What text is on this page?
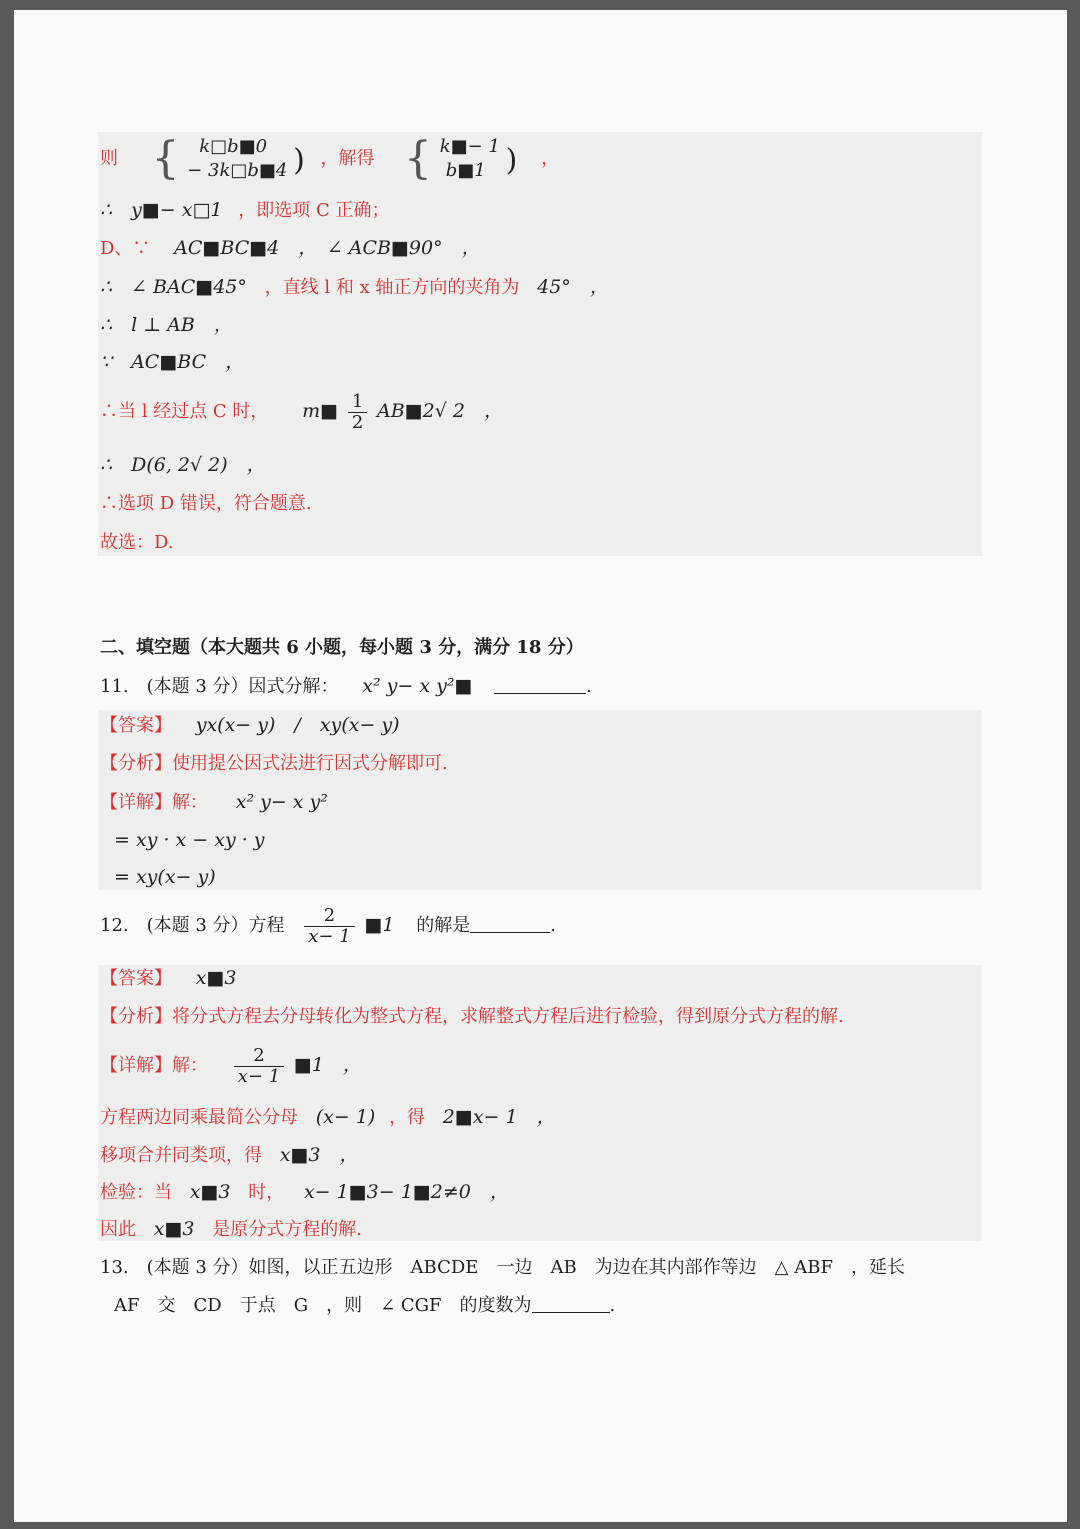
则 { k□b■0
− 3k□b■4 ) ，解得 { k■− 1
b■1 ) ，
∴　y■− x□1 ，即选项 C 正确；
D、∵ AC■BC■4　，　∠ ACB■90°　，
∴　∠ BAC■45° ，直线 l 和 x 轴正方向的夹角为 45°　，
∴　l ⊥ AB　，
∵　AC■BC　，
∴当 l 经过点 C 时， m■ $\frac{1}{2}$ AB■2√ 2　，
∴　D(6, 2√ 2)　，
∴选项 D 错误，符合题意.
故选：D.
二、填空题（本大题共 6 小题，每小题 3 分，满分 18 分）
11.　(本题 3 分）因式分解： x² y− x y²■	.
【答案】 yx(x− y)　/　xy(x− y)
【分析】使用提公因式法进行因式分解即可.
【详解】解： x² y− x y²
= xy · x − xy · y
= xy(x− y)
12.　(本题 3 分）方程 $\frac{2}{x- 1}$ ■1 的解是	.
【答案】 x■3
【分析】将分式方程去分母转化为整式方程，求解整式方程后进行检验，得到原分式方程的解.
【详解】解： $\frac{2}{x- 1}$ ■1　，
方程两边同乘最简公分母 (x− 1) ，得 2■x− 1　，
移项合并同类项，得 x■3　，
检验：当 x■3 时， x− 1■3− 1■2≠0　，
因此 x■3 是原分式方程的解.
13.　(本题 3 分）如图，以正五边形　ABCDE　一边　AB　为边在其内部作等边　△ ABF　，延长
AF　交　CD　于点　G　，则　∠ CGF　的度数为	.
